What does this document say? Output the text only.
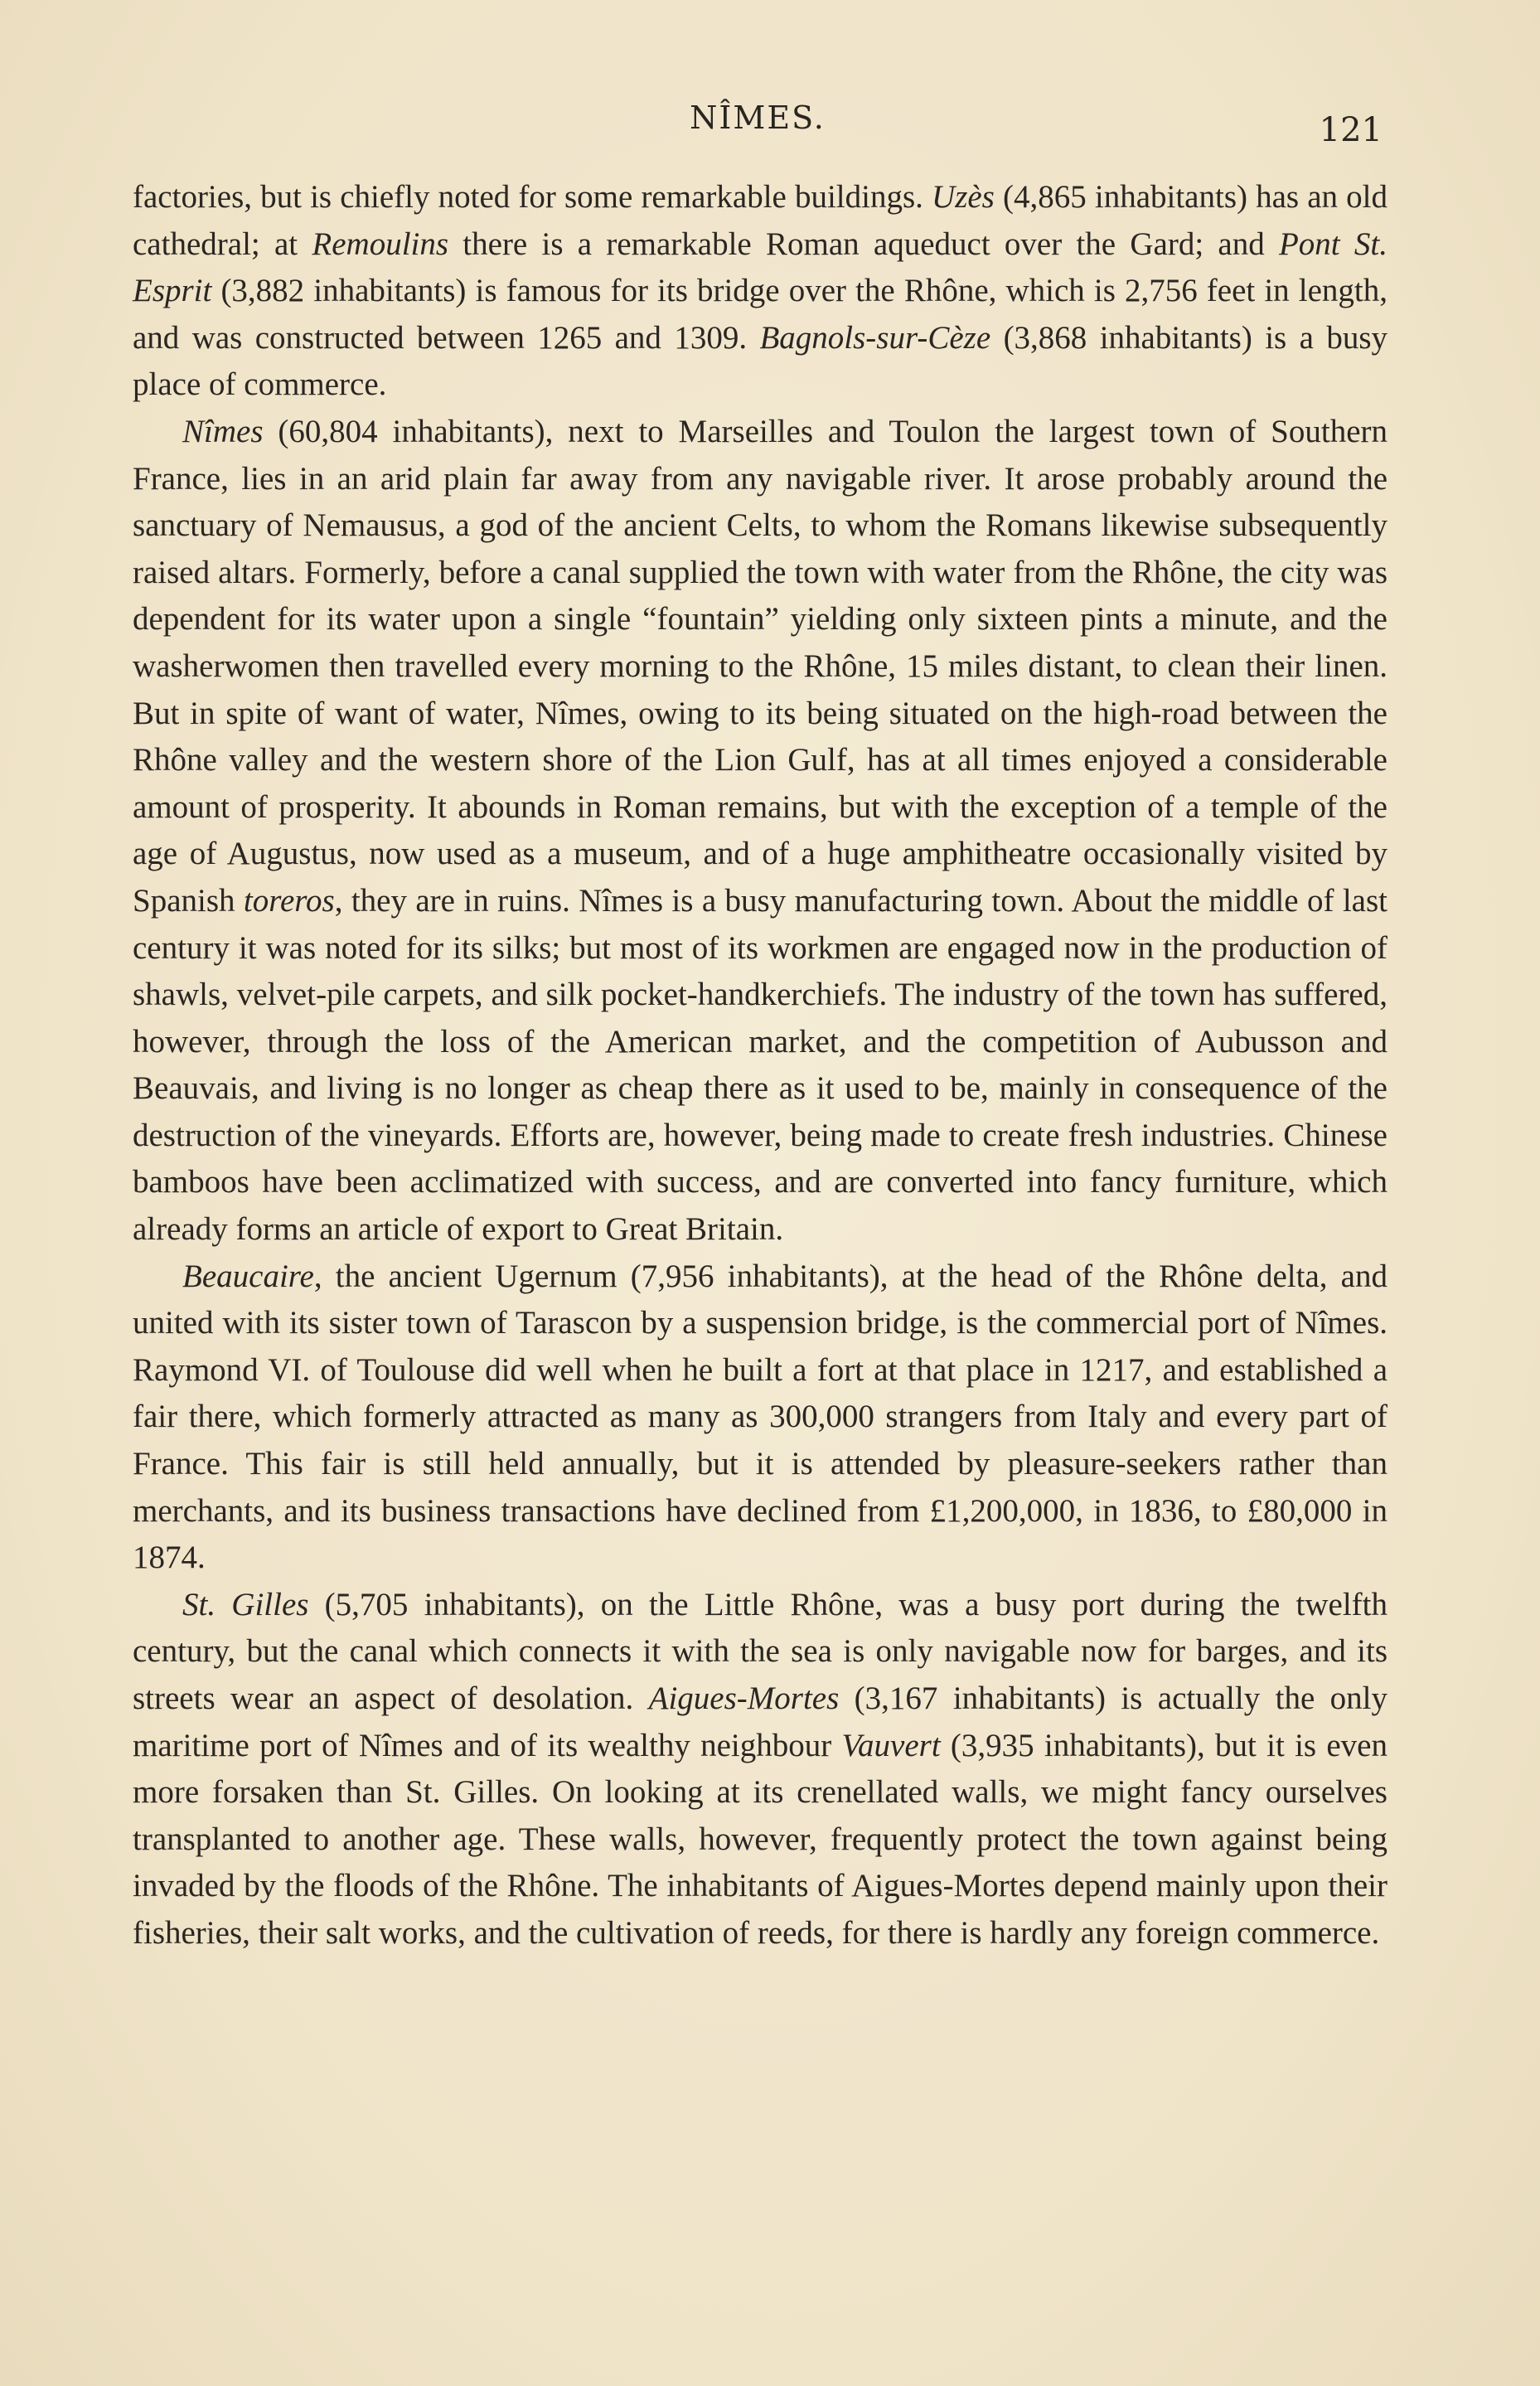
NÎMES.	121

factories, but is chiefly noted for some remarkable buildings. Uzès (4,865 inhabitants) has an old cathedral; at Remoulins there is a remarkable Roman aqueduct over the Gard; and Pont St. Esprit (3,882 inhabitants) is famous for its bridge over the Rhône, which is 2,756 feet in length, and was constructed between 1265 and 1309. Bagnols-sur-Cèze (3,868 inhabitants) is a busy place of commerce.

Nîmes (60,804 inhabitants), next to Marseilles and Toulon the largest town of Southern France, lies in an arid plain far away from any navigable river. It arose probably around the sanctuary of Nemausus, a god of the ancient Celts, to whom the Romans likewise subsequently raised altars. Formerly, before a canal supplied the town with water from the Rhône, the city was dependent for its water upon a single “fountain” yielding only sixteen pints a minute, and the washerwomen then travelled every morning to the Rhône, 15 miles distant, to clean their linen. But in spite of want of water, Nîmes, owing to its being situated on the high-road between the Rhône valley and the western shore of the Lion Gulf, has at all times enjoyed a considerable amount of prosperity. It abounds in Roman remains, but with the exception of a temple of the age of Augustus, now used as a museum, and of a huge amphitheatre occasionally visited by Spanish toreros, they are in ruins. Nîmes is a busy manufacturing town. About the middle of last century it was noted for its silks; but most of its workmen are engaged now in the production of shawls, velvet-pile carpets, and silk pocket-handkerchiefs. The industry of the town has suffered, however, through the loss of the American market, and the competition of Aubusson and Beauvais, and living is no longer as cheap there as it used to be, mainly in consequence of the destruction of the vineyards. Efforts are, however, being made to create fresh industries. Chinese bamboos have been acclimatized with success, and are converted into fancy furniture, which already forms an article of export to Great Britain.

Beaucaire, the ancient Ugernum (7,956 inhabitants), at the head of the Rhône delta, and united with its sister town of Tarascon by a suspension bridge, is the commercial port of Nîmes. Raymond VI. of Toulouse did well when he built a fort at that place in 1217, and established a fair there, which formerly attracted as many as 300,000 strangers from Italy and every part of France. This fair is still held annually, but it is attended by pleasure-seekers rather than merchants, and its business transactions have declined from £1,200,000, in 1836, to £80,000 in 1874.

St. Gilles (5,705 inhabitants), on the Little Rhône, was a busy port during the twelfth century, but the canal which connects it with the sea is only navigable now for barges, and its streets wear an aspect of desolation. Aigues-Mortes (3,167 inhabitants) is actually the only maritime port of Nîmes and of its wealthy neighbour Vauvert (3,935 inhabitants), but it is even more forsaken than St. Gilles. On looking at its crenellated walls, we might fancy ourselves transplanted to another age. These walls, however, frequently protect the town against being invaded by the floods of the Rhône. The inhabitants of Aigues-Mortes depend mainly upon their fisheries, their salt works, and the cultivation of reeds, for there is hardly any foreign commerce.
